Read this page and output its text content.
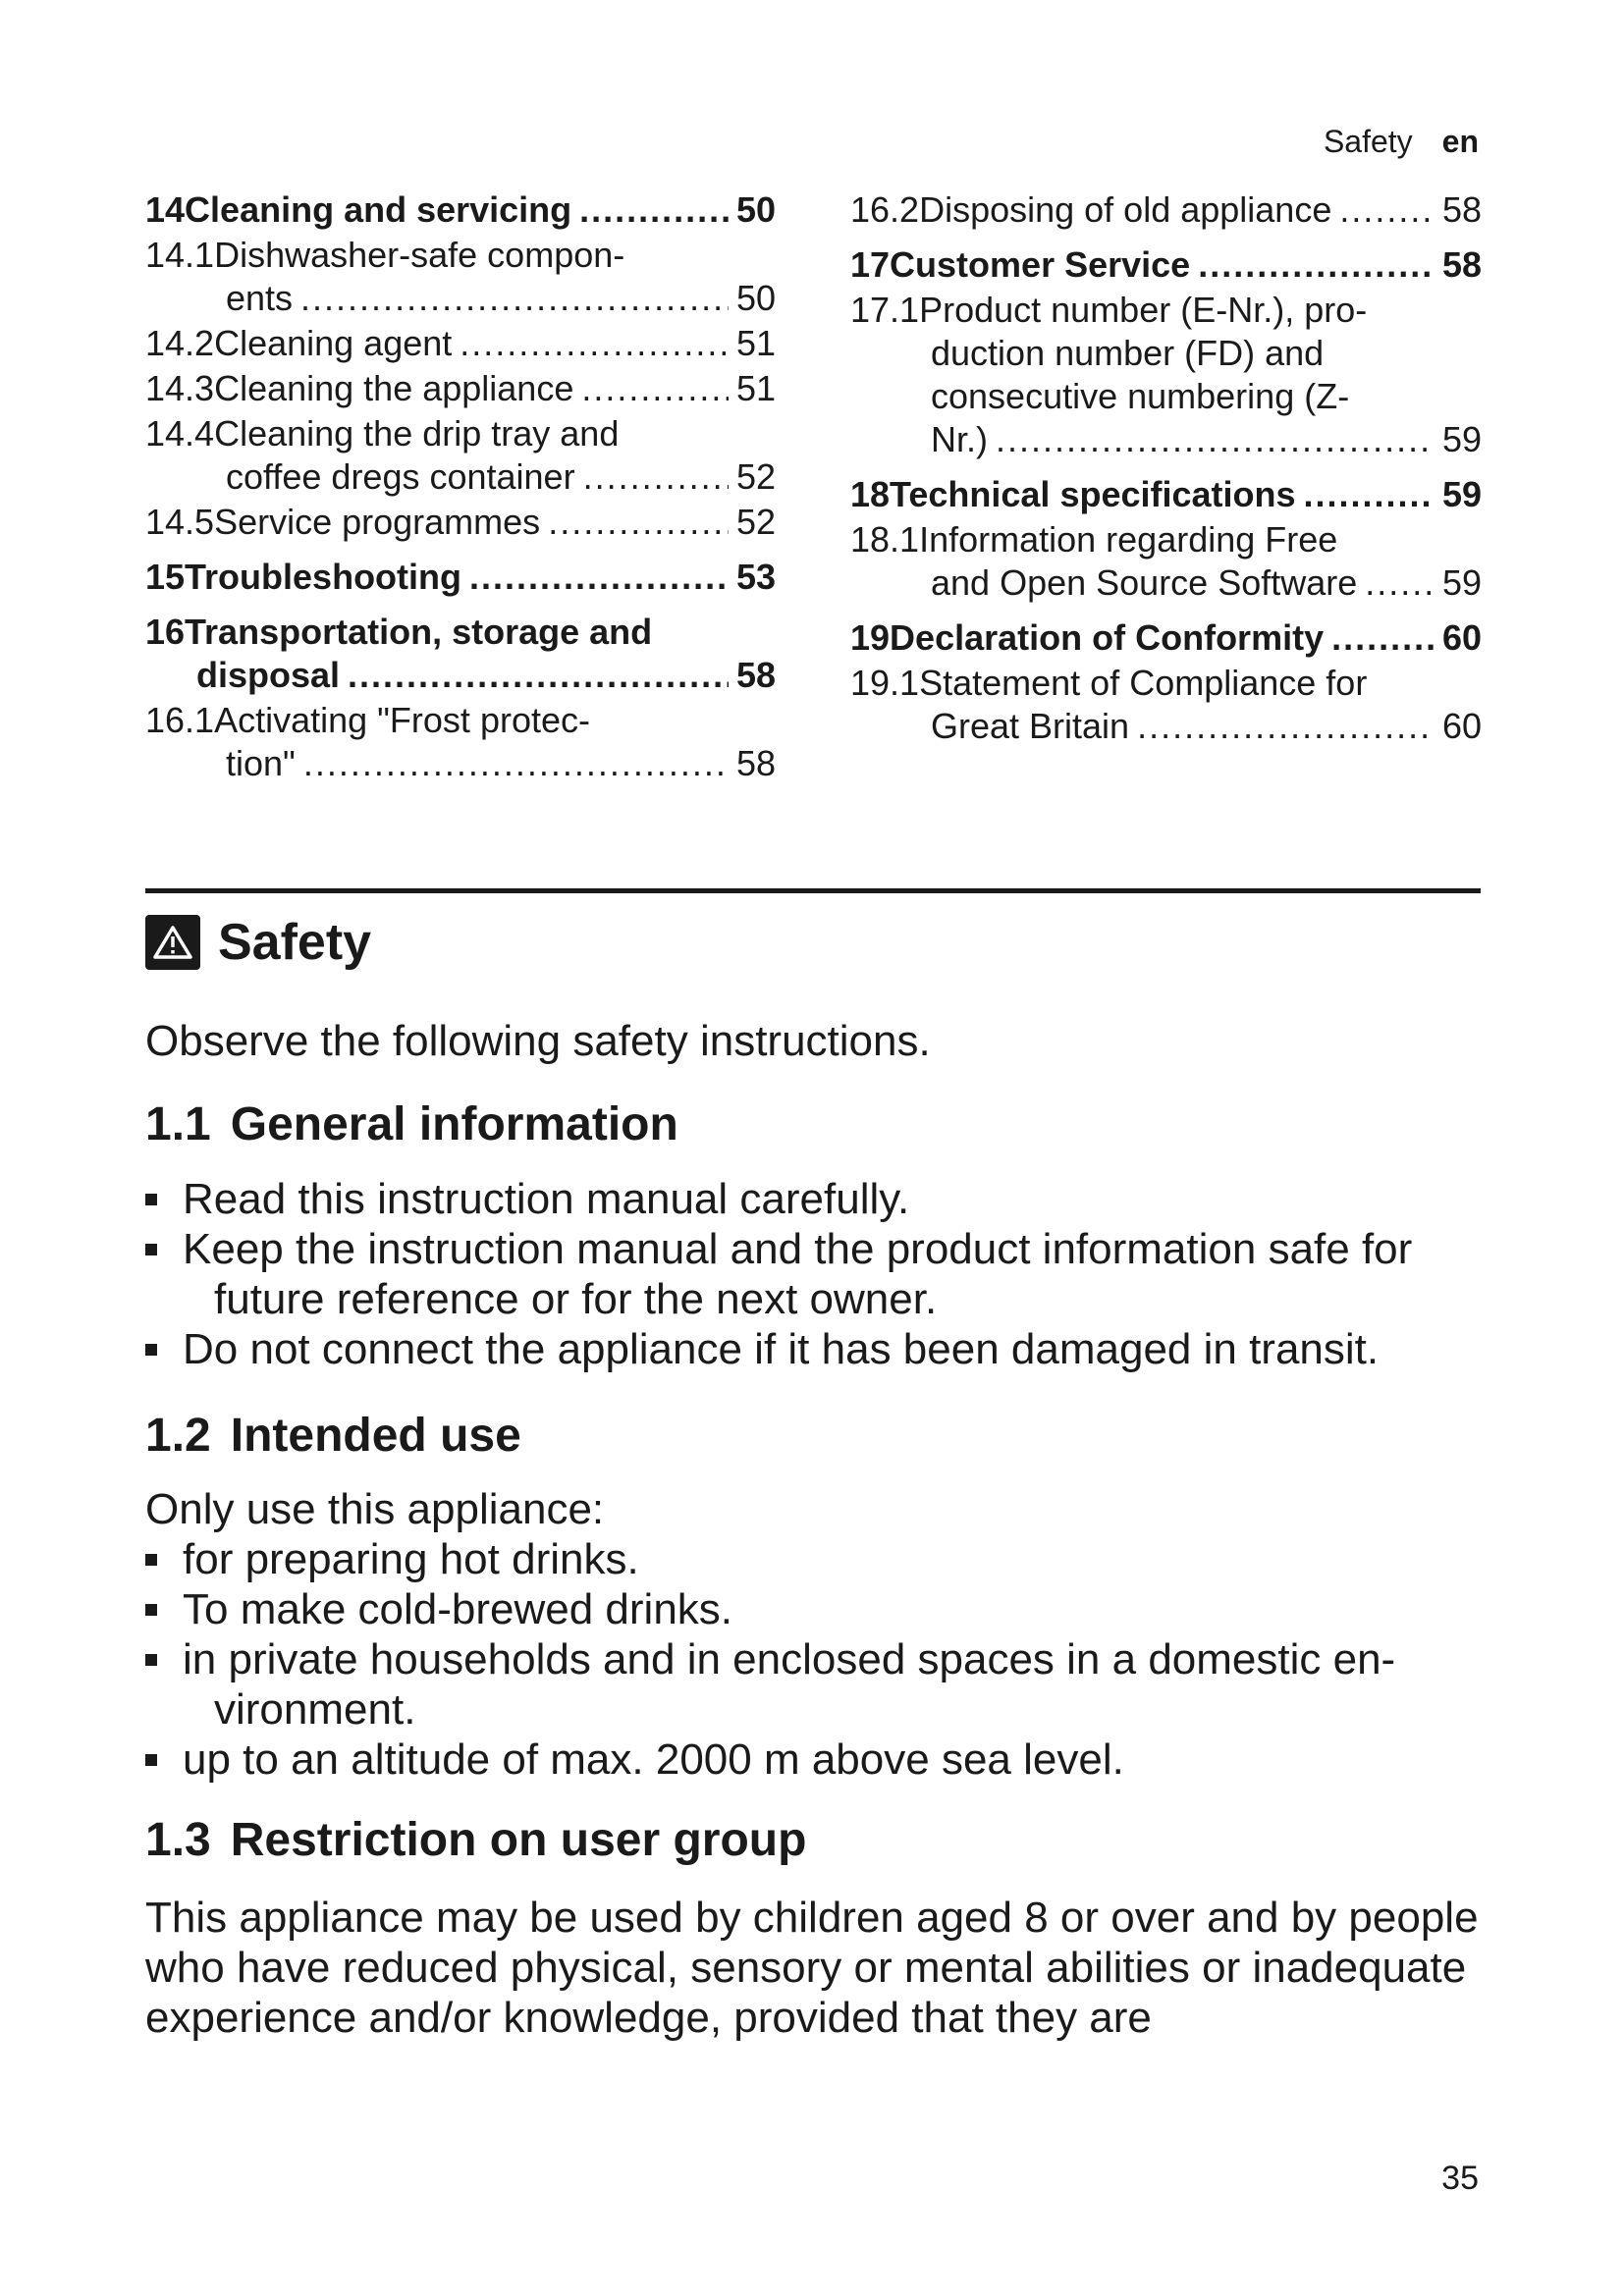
Safety en
14 Cleaning and servicing .....	50
14.1 Dishwasher-safe compon-
ents .....	50
14.2 Cleaning agent .....	51
14.3 Cleaning the appliance .....	51
14.4 Cleaning the drip tray and
coffee dregs container .....	52
14.5 Service programmes .....	52
15 Troubleshooting .....	53
16 Transportation, storage and
disposal .....	58
16.1 Activating "Frost protec-
tion" .....	58
16.2 Disposing of old appliance .....	58
17 Customer Service .....	58
17.1 Product number (E-Nr.), pro-
duction number (FD) and
consecutive numbering (Z-
Nr.) .....	59
18 Technical specifications .....	59
18.1 Information regarding Free
and Open Source Software ..... 59
19 Declaration of Conformity .....	60
19.1 Statement of Compliance for
Great Britain .....	60
Safety
Observe the following safety instructions.
1.1 General information
Read this instruction manual carefully.
Keep the instruction manual and the product information safe for future reference or for the next owner.
Do not connect the appliance if it has been damaged in transit.
1.2 Intended use
Only use this appliance:
for preparing hot drinks.
To make cold-brewed drinks.
in private households and in enclosed spaces in a domestic en-vironment.
up to an altitude of max. 2000 m above sea level.
1.3 Restriction on user group
This appliance may be used by children aged 8 or over and by people who have reduced physical, sensory or mental abilities or inadequate experience and/or knowledge, provided that they are
35
